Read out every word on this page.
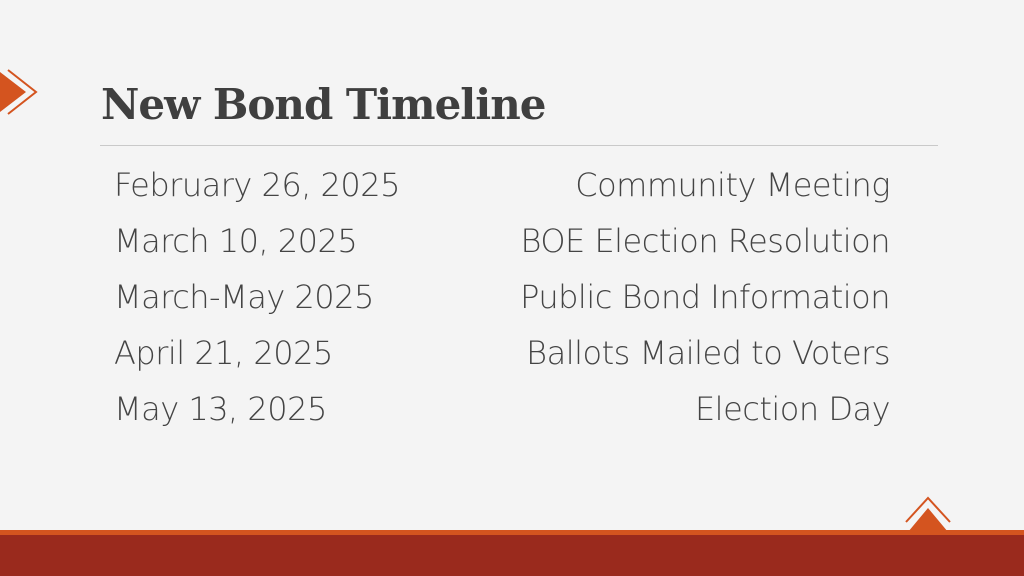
New Bond Timeline
February 26, 2025	Community Meeting
March 10, 2025	BOE Election Resolution
March-May 2025	Public Bond Information
April 21, 2025	Ballots Mailed to Voters
May 13, 2025	Election Day
